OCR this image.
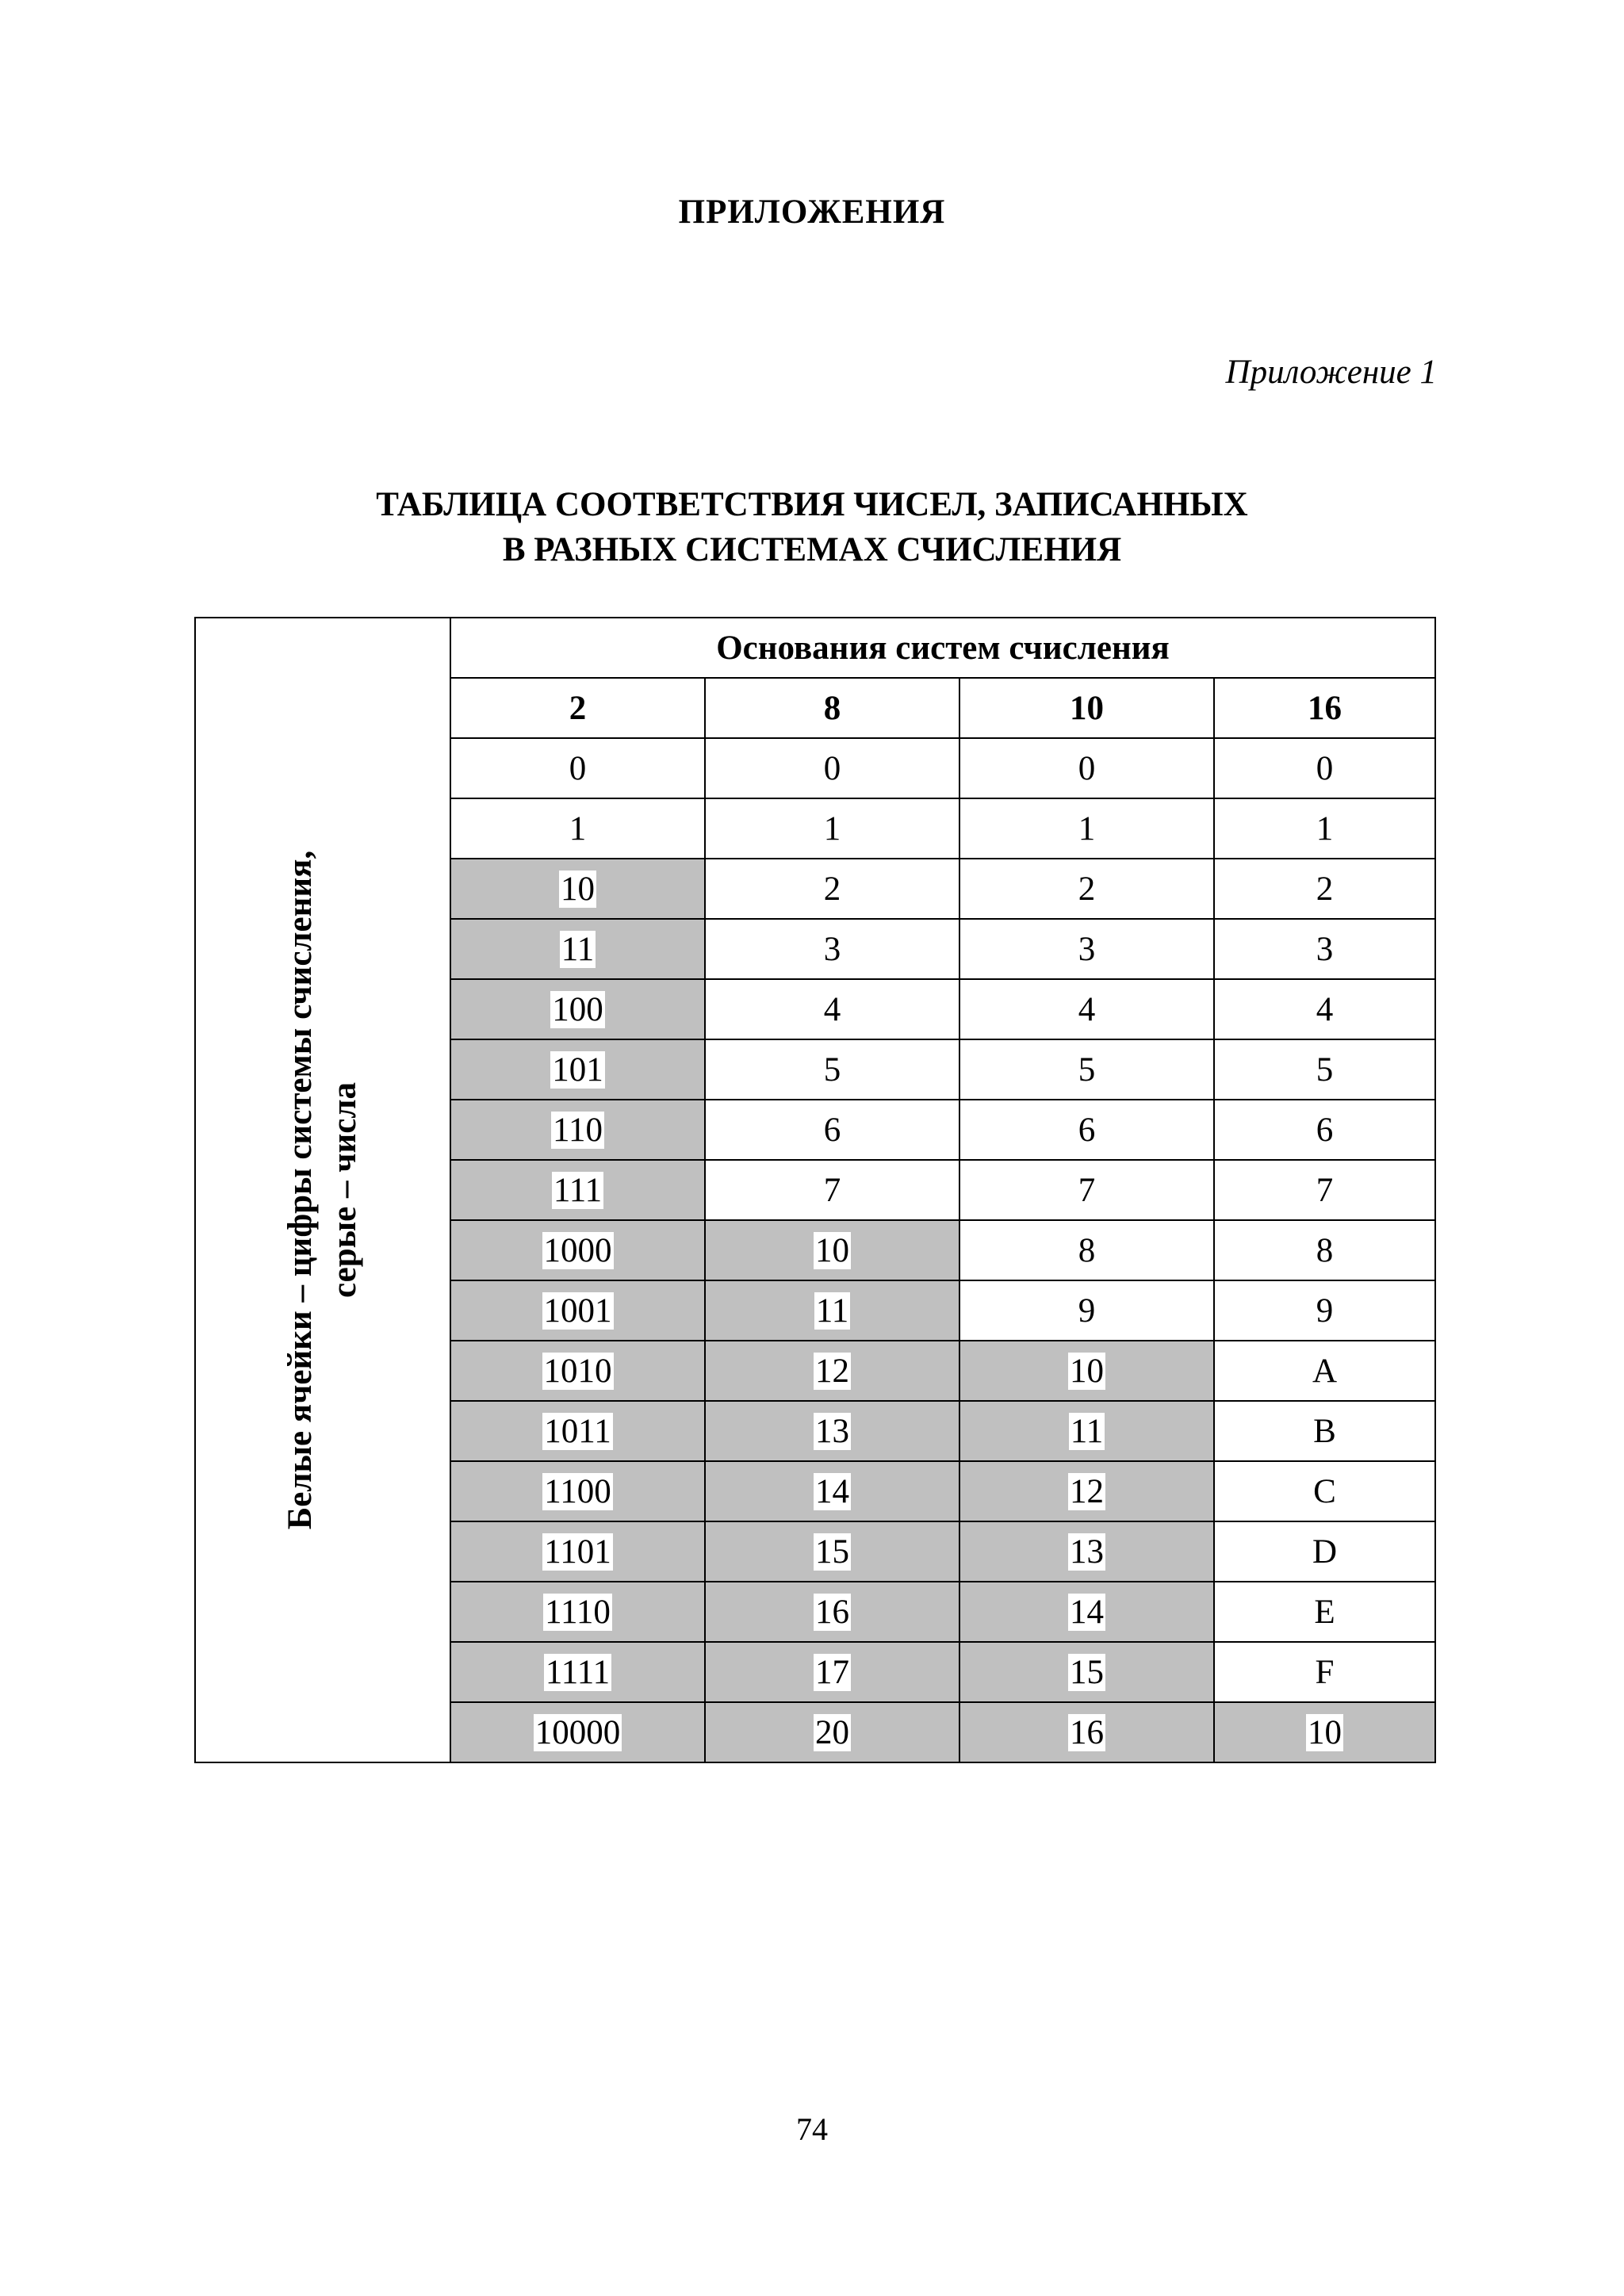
ПРИЛОЖЕНИЯ
Приложение 1
ТАБЛИЦА СООТВЕТСТВИЯ ЧИСЕЛ, ЗАПИСАННЫХ
В РАЗНЫХ СИСТЕМАХ СЧИСЛЕНИЯ
Белые ячейки – цифры системы счисления, серые – числа	Основания систем счисления			
	2	8	10	16
	0	0	0	0
	1	1	1	1
	10	2	2	2
	11	3	3	3
	100	4	4	4
	101	5	5	5
	110	6	6	6
	111	7	7	7
	1000	10	8	8
	1001	11	9	9
	1010	12	10	A
	1011	13	11	B
	1100	14	12	C
	1101	15	13	D
	1110	16	14	E
	1111	17	15	F
	10000	20	16	10
74
